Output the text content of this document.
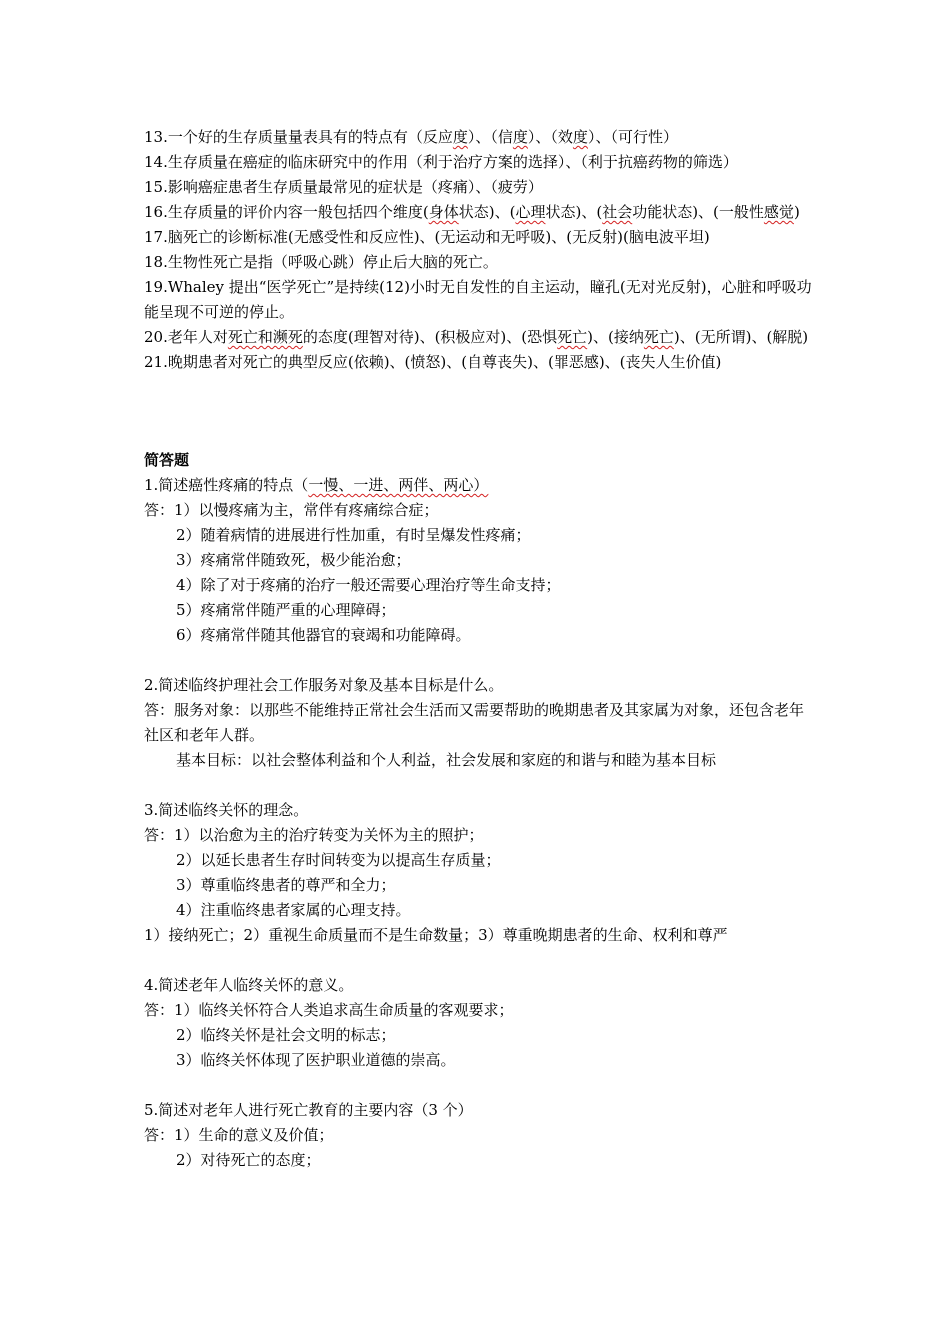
13.一个好的生存质量量表具有的特点有（反应度）、（信度）、（效度）、（可行性）
14.生存质量在癌症的临床研究中的作用（利于治疗方案的选择）、（利于抗癌药物的筛选）
15.影响癌症患者生存质量最常见的症状是（疼痛）、（疲劳）
16.生存质量的评价内容一般包括四个维度(身体状态)、(心理状态)、(社会功能状态)、(一般性感觉)
17.脑死亡的诊断标准(无感受性和反应性)、(无运动和无呼吸)、(无反射)(脑电波平坦)
18.生物性死亡是指（呼吸心跳）停止后大脑的死亡。
19.Whaley 提出“医学死亡”是持续(12)小时无自发性的自主运动，瞳孔(无对光反射)，心脏和呼吸功能呈现不可逆的停止。
20.老年人对死亡和濒死的态度(理智对待)、(积极应对)、(恐惧死亡)、(接纳死亡)、(无所谓)、(解脱)
21.晚期患者对死亡的典型反应(依赖)、(愤怒)、(自尊丧失)、(罪恶感)、(丧失人生价值)
简答题
1.简述癌性疼痛的特点（一慢、一进、两伴、两心）
答：1）以慢疼痛为主，常伴有疼痛综合症；
2）随着病情的进展进行性加重，有时呈爆发性疼痛；
3）疼痛常伴随致死，极少能治愈；
4）除了对于疼痛的治疗一般还需要心理治疗等生命支持；
5）疼痛常伴随严重的心理障碍；
6）疼痛常伴随其他器官的衰竭和功能障碍。
2.简述临终护理社会工作服务对象及基本目标是什么。
答：服务对象：以那些不能维持正常社会生活而又需要帮助的晚期患者及其家属为对象，还包含老年社区和老年人群。
基本目标：以社会整体利益和个人利益，社会发展和家庭的和谐与和睦为基本目标
3.简述临终关怀的理念。
答：1）以治愈为主的治疗转变为关怀为主的照护；
2）以延长患者生存时间转变为以提高生存质量；
3）尊重临终患者的尊严和全力；
4）注重临终患者家属的心理支持。
1）接纳死亡；2）重视生命质量而不是生命数量；3）尊重晚期患者的生命、权利和尊严
4.简述老年人临终关怀的意义。
答：1）临终关怀符合人类追求高生命质量的客观要求；
2）临终关怀是社会文明的标志；
3）临终关怀体现了医护职业道德的崇高。
5.简述对老年人进行死亡教育的主要内容（3 个）
答：1）生命的意义及价值；
2）对待死亡的态度；
